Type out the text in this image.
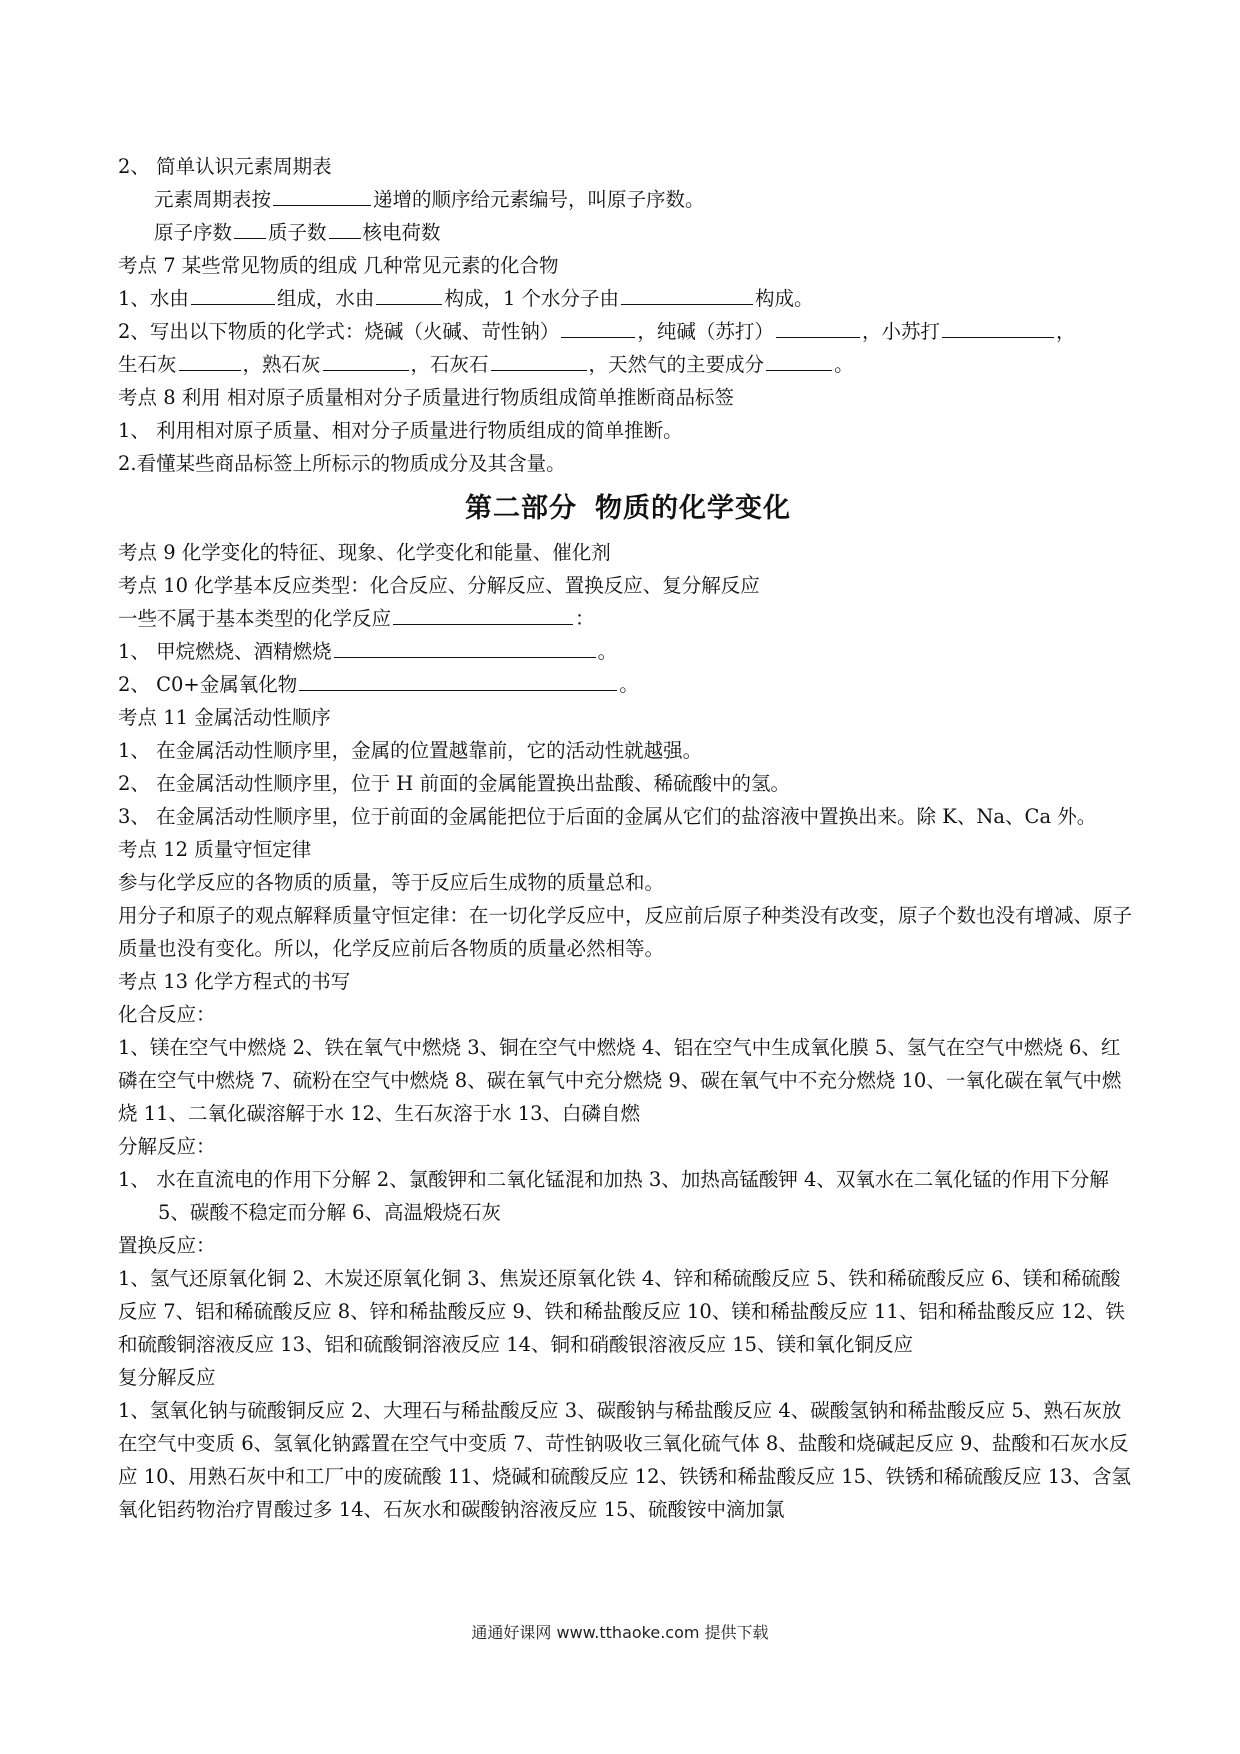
2、 简单认识元素周期表
元素周期表按	递增的顺序给元素编号，叫原子序数。
原子序数 质子数 核电荷数
考点 7 某些常见物质的组成 几种常见元素的化合物
1、水由	组成，水由	构成，1 个水分子由	构成。
2、写出以下物质的化学式：烧碱（火碱、苛性钠）	，纯碱（苏打）	，小苏打	，
生石灰	，熟石灰	，石灰石	，天然气的主要成分	。
考点 8 利用 相对原子质量相对分子质量进行物质组成简单推断商品标签
1、 利用相对原子质量、相对分子质量进行物质组成的简单推断。
2.看懂某些商品标签上所标示的物质成分及其含量。
第二部分 物质的化学变化
考点 9 化学变化的特征、现象、化学变化和能量、催化剂
考点 10 化学基本反应类型：化合反应、分解反应、置换反应、复分解反应
一些不属于基本类型的化学反应	：
1、 甲烷燃烧、酒精燃烧	。
2、 C0+金属氧化物	。
考点 11 金属活动性顺序
1、 在金属活动性顺序里，金属的位置越靠前，它的活动性就越强。
2、 在金属活动性顺序里，位于 H 前面的金属能置换出盐酸、稀硫酸中的氢。
3、 在金属活动性顺序里，位于前面的金属能把位于后面的金属从它们的盐溶液中置换出来。除 K、Na、Ca 外。
考点 12 质量守恒定律
参与化学反应的各物质的质量，等于反应后生成物的质量总和。
用分子和原子的观点解释质量守恒定律：在一切化学反应中，反应前后原子种类没有改变，原子个数也没有增减、原子质量也没有变化。所以，化学反应前后各物质的质量必然相等。
考点 13 化学方程式的书写
化合反应：
1、镁在空气中燃烧 2、铁在氧气中燃烧 3、铜在空气中燃烧 4、铝在空气中生成氧化膜 5、氢气在空气中燃烧 6、红磷在空气中燃烧 7、硫粉在空气中燃烧 8、碳在氧气中充分燃烧 9、碳在氧气中不充分燃烧 10、一氧化碳在氧气中燃烧 11、二氧化碳溶解于水 12、生石灰溶于水 13、白磷自燃
分解反应：
1、 水在直流电的作用下分解 2、氯酸钾和二氧化锰混和加热 3、加热高锰酸钾 4、双氧水在二氧化锰的作用下分解 5、碳酸不稳定而分解 6、高温煅烧石灰
置换反应：
1、氢气还原氧化铜 2、木炭还原氧化铜 3、焦炭还原氧化铁 4、锌和稀硫酸反应 5、铁和稀硫酸反应 6、镁和稀硫酸反应 7、铝和稀硫酸反应 8、锌和稀盐酸反应 9、铁和稀盐酸反应 10、镁和稀盐酸反应 11、铝和稀盐酸反应 12、铁和硫酸铜溶液反应 13、铝和硫酸铜溶液反应 14、铜和硝酸银溶液反应 15、镁和氧化铜反应
复分解反应
1、氢氧化钠与硫酸铜反应 2、大理石与稀盐酸反应 3、碳酸钠与稀盐酸反应 4、碳酸氢钠和稀盐酸反应 5、熟石灰放在空气中变质 6、氢氧化钠露置在空气中变质 7、苛性钠吸收三氧化硫气体 8、盐酸和烧碱起反应 9、盐酸和石灰水反应 10、用熟石灰中和工厂中的废硫酸 11、烧碱和硫酸反应 12、铁锈和稀盐酸反应 15、铁锈和稀硫酸反应 13、含氢氧化铝药物治疗胃酸过多 14、石灰水和碳酸钠溶液反应 15、硫酸铵中滴加氯
通通好课网 www.tthaoke.com 提供下载
